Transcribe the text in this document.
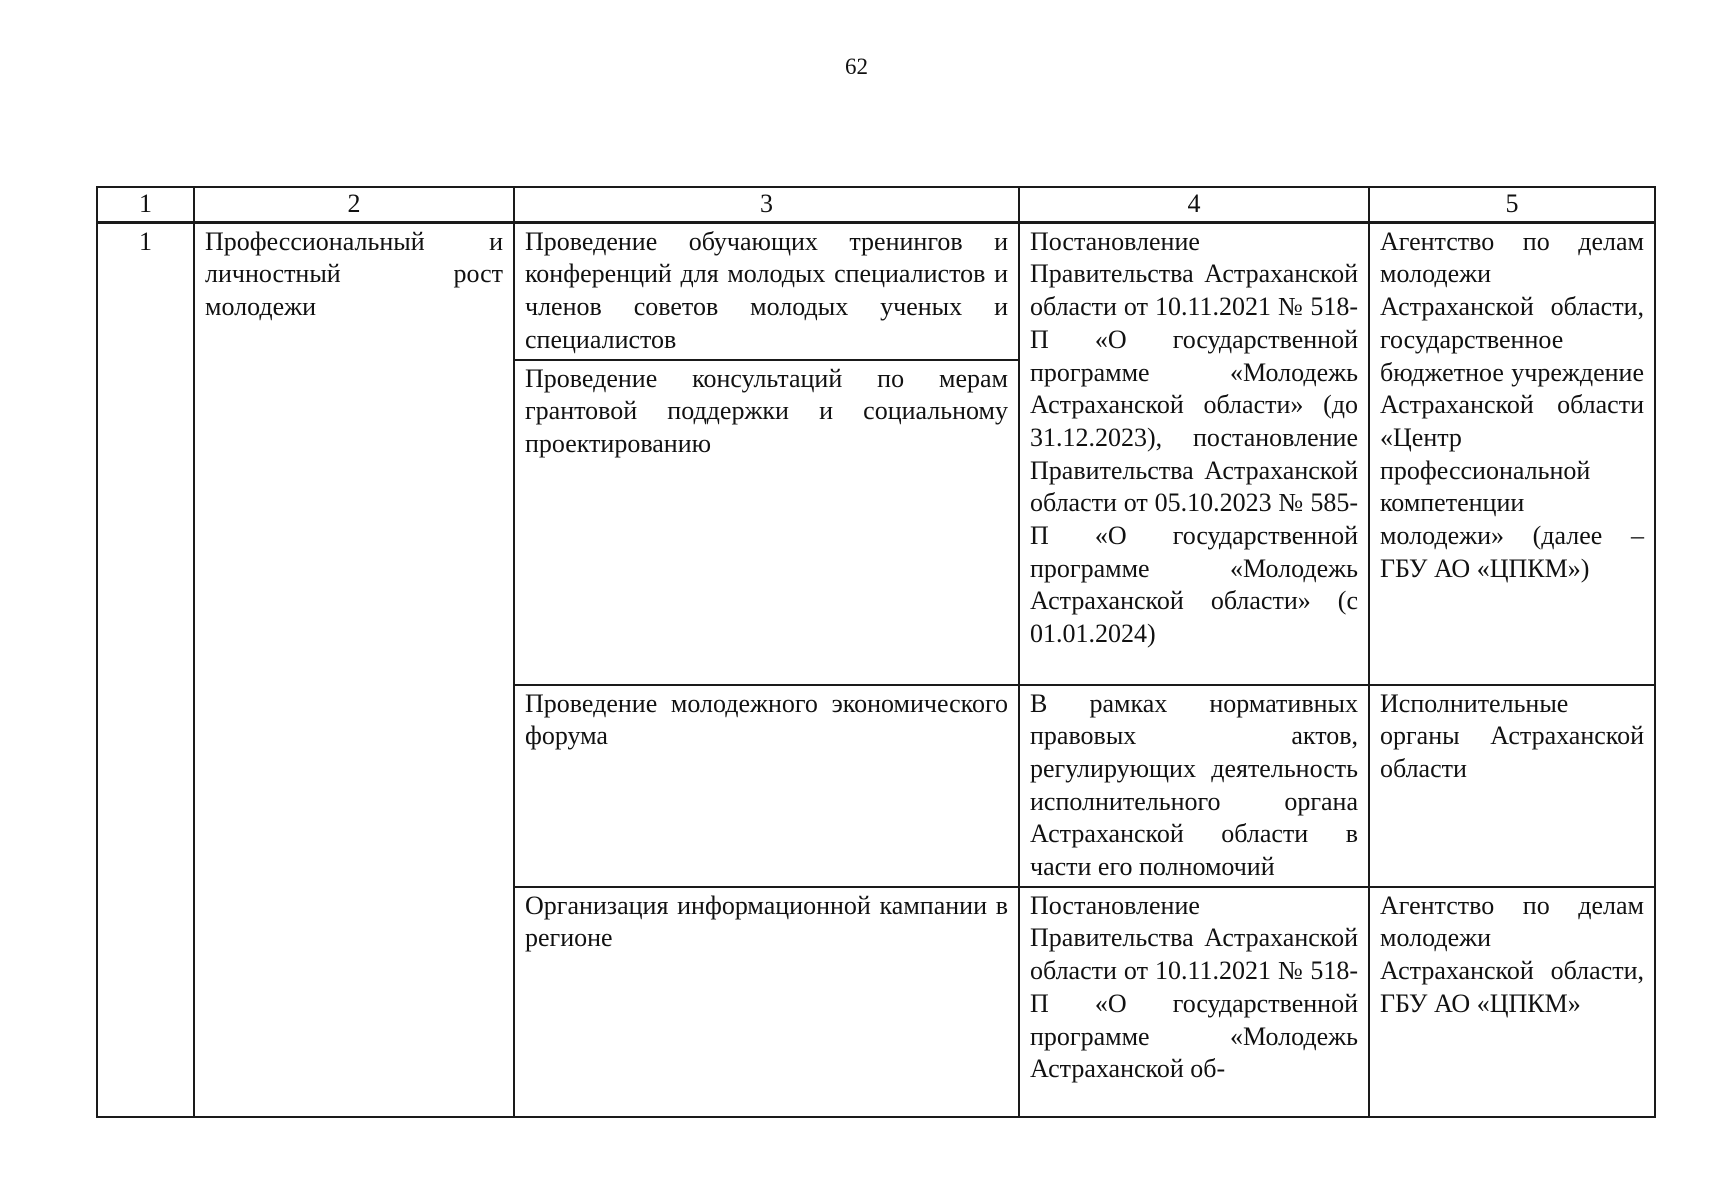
62
1	2	3	4	5
1	Профессиональный и личностный рост молодежи	Проведение обучающих тренингов и конференций для молодых специалистов и членов советов молодых ученых и специалистов	Постановление Правительства Астраханской области от 10.11.2021 № 518-П «О государственной программе «Молодежь Астраханской области» (до 31.12.2023), постановление Правительства Астраханской области от 05.10.2023 № 585-П «О государственной программе «Молодежь Астраханской области» (с 01.01.2024)	Агентство по делам молодежи Астраханской области, государственное бюджетное учреждение Астраханской области «Центр профессиональной компетенции молодежи» (далее – ГБУ АО «ЦПКМ»)
		Проведение консультаций по мерам грантовой поддержки и социальному проектированию		
		Проведение молодежного экономического форума	В рамках нормативных правовых актов, регулирующих деятельность исполнительного органа Астраханской области в части его полномочий	Исполнительные органы Астраханской области
		Организация информационной кампании в регионе	Постановление Правительства Астраханской области от 10.11.2021 № 518-П «О государственной программе «Молодежь Астраханской об-	Агентство по делам молодежи Астраханской области, ГБУ АО «ЦПКМ»
